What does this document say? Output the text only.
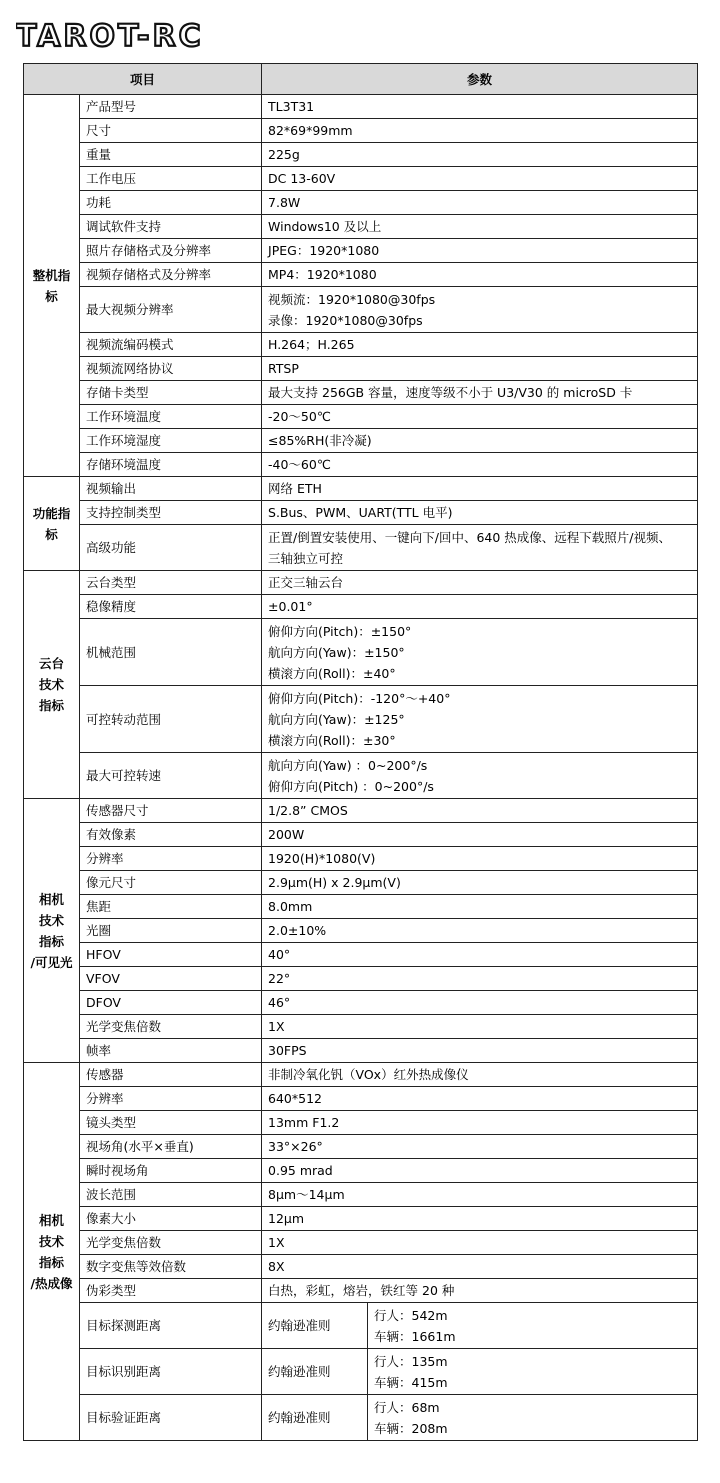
TAROT-RC
项目		参数	
整机指标	产品型号	TL3T31	

	尺寸	82*69*99mm	

	重量	225g	

	工作电压	DC 13-60V	

	功耗	7.8W	

	调试软件支持	Windows10 及以上	

	照片存储格式及分辨率	JPEG：1920*1080	

	视频存储格式及分辨率	MP4：1920*1080	

	最大视频分辨率	视频流：1920*1080@30fps
录像：1920*1080@30fps	

	视频流编码模式	H.264；H.265	

	视频流网络协议	RTSP	

	存储卡类型	最大支持 256GB 容量，速度等级不小于 U3/V30 的 microSD 卡	

	工作环境温度	-20～50℃	

	工作环境湿度	≤85%RH(非冷凝)	

	存储环境温度	-40～60℃	

功能指标	视频输出	网络 ETH	

	支持控制类型	S.Bus、PWM、UART(TTL 电平)	

	高级功能	正置/倒置安装使用、一键向下/回中、640 热成像、远程下载照片/视频、
三轴独立可控	

云台
技术
指标	云台类型	正交三轴云台	

	稳像精度	±0.01°	

	机械范围	俯仰方向(Pitch)：±150°
航向方向(Yaw)：±150°
横滚方向(Roll)：±40°	

	可控转动范围	俯仰方向(Pitch)：-120°～+40°
航向方向(Yaw)：±125°
横滚方向(Roll)：±30°	

	最大可控转速	航向方向(Yaw) ：0~200°/s
俯仰方向(Pitch) ：0~200°/s	

相机
技术
指标
/可见光	传感器尺寸	1/2.8” CMOS	

	有效像素	200W	

	分辨率	1920(H)*1080(V)	

	像元尺寸	2.9μm(H) x 2.9μm(V)	

	焦距	8.0mm	

	光圈	2.0±10%	

	HFOV	40°	

	VFOV	22°	

	DFOV	46°	

	光学变焦倍数	1X	

	帧率	30FPS	

相机
技术
指标
/热成像	传感器	非制冷氧化钒（VOx）红外热成像仪	

	分辨率	640*512	

	镜头类型	13mm F1.2	

	视场角(水平×垂直)	33°×26°	

	瞬时视场角	0.95 mrad	

	波长范围	8μm～14μm	

	像素大小	12μm	

	光学变焦倍数	1X	

	数字变焦等效倍数	8X	

	伪彩类型	白热，彩虹，熔岩，铁红等 20 种	

	目标探测距离	约翰逊准则	行人：542m
车辆：1661m

	目标识别距离	约翰逊准则	行人：135m
车辆：415m

	目标验证距离	约翰逊准则	行人：68m
车辆：208m
